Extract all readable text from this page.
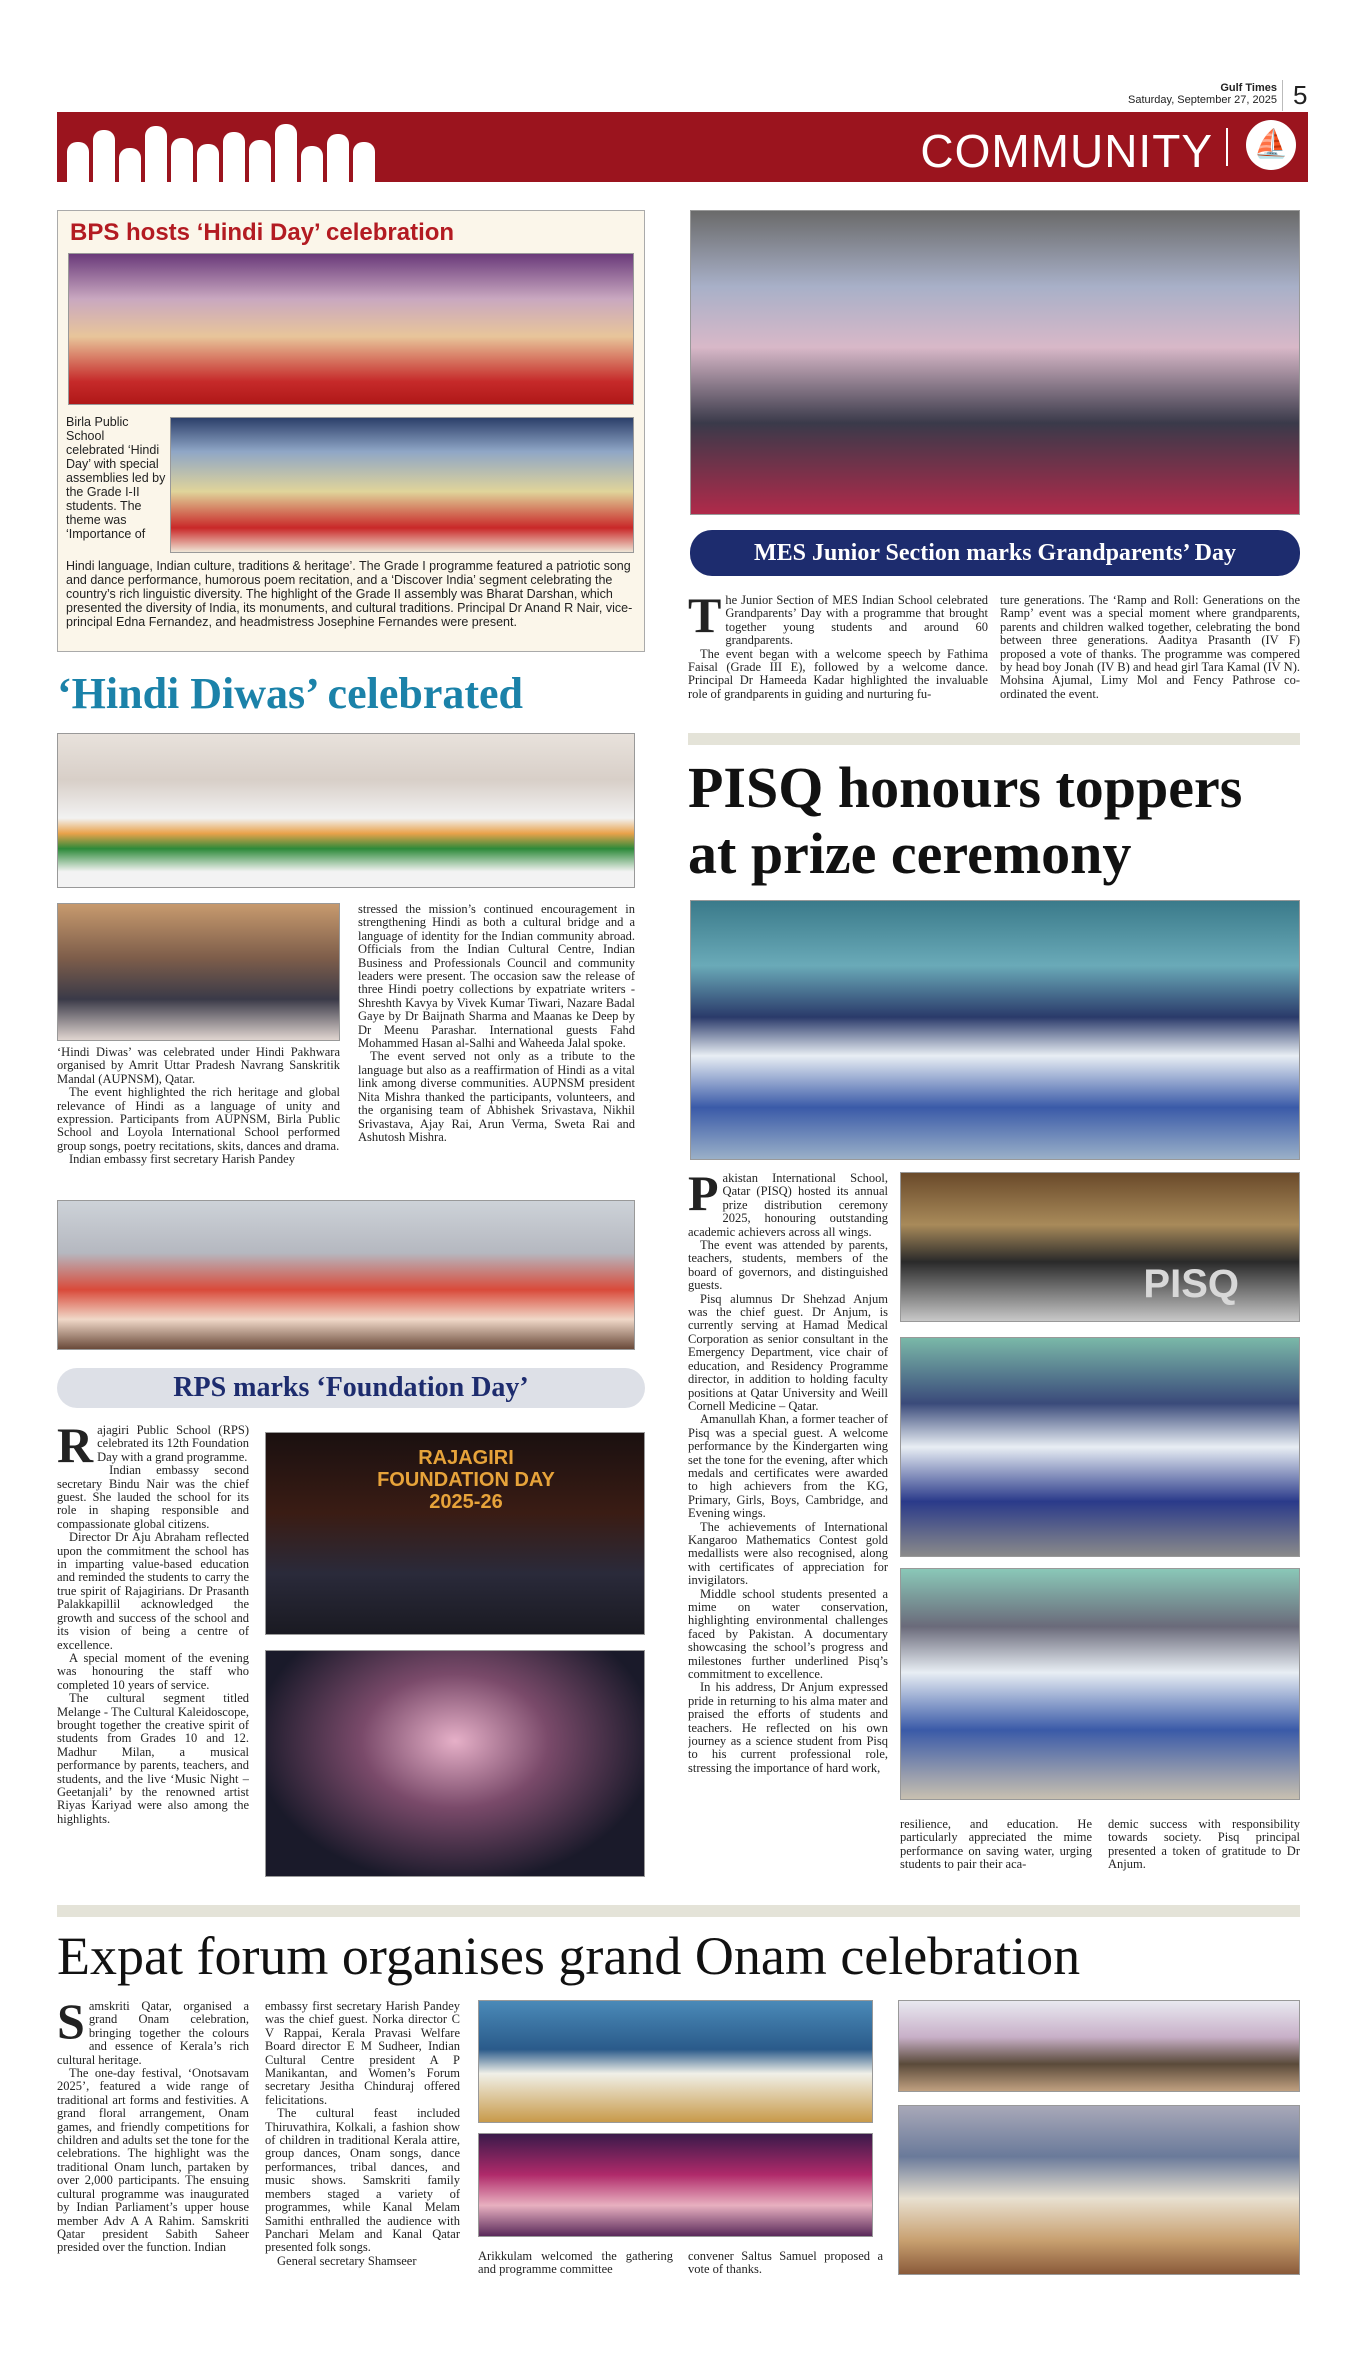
Gulf Times
Saturday, September 27, 2025 5
COMMUNITY ⛵
BPS hosts ‘Hindi Day’ celebration
Birla Public School celebrated ‘Hindi Day’ with special assemblies led by the Grade I-II students. The theme was ‘Importance of
Hindi language, Indian culture, traditions & heritage’. The Grade I programme featured a patriotic song and dance performance, humorous poem recitation, and a ‘Discover India’ segment celebrating the country’s rich linguistic diversity. The highlight of the Grade II assembly was Bharat Darshan, which presented the diversity of India, its monuments, and cultural traditions. Principal Dr Anand R Nair, vice-principal Edna Fernandez, and headmistress Josephine Fernandes were present.
‘Hindi Diwas’ celebrated

‘Hindi Diwas’ was celebrated under Hindi Pakhwara organised by Amrit Uttar Pradesh Navrang Sanskritik Mandal (AUPNSM), Qatar.

The event highlighted the rich heritage and global relevance of Hindi as a language of unity and expression. Participants from AUPNSM, Birla Public School and Loyola International School performed group songs, poetry recitations, skits, dances and drama.

Indian embassy first secretary Harish Pandey

stressed the mission’s continued encouragement in strengthening Hindi as both a cultural bridge and a language of identity for the Indian community abroad. Officials from the Indian Cultural Centre, Indian Business and Professionals Council and community leaders were present. The occasion saw the release of three Hindi poetry collections by expatriate writers - Shreshth Kavya by Vivek Kumar Tiwari, Nazare Badal Gaye by Dr Baijnath Sharma and Maanas ke Deep by Dr Meenu Parashar. International guests Fahd Mohammed Hasan al-Salhi and Waheeda Jalal spoke.

The event served not only as a tribute to the language but also as a reaffirmation of Hindi as a vital link among diverse communities. AUPNSM president Nita Mishra thanked the participants, volunteers, and the organising team of Abhishek Srivastava, Nikhil Srivastava, Ajay Rai, Arun Verma, Sweta Rai and Ashutosh Mishra.

RPS marks ‘Foundation Day’

Rajagiri Public School (RPS) celebrated its 12th Foundation Day with a grand programme.

Indian embassy second secretary Bindu Nair was the chief guest. She lauded the school for its role in shaping responsible and compassionate global citizens.

Director Dr Aju Abraham reflected upon the commitment the school has in imparting value-based education and reminded the students to carry the true spirit of Rajagirians. Dr Prasanth Palakkapillil acknowledged the growth and success of the school and its vision of being a centre of excellence.

A special moment of the evening was honouring the staff who completed 10 years of service.

The cultural segment titled Melange - The Cultural Kaleidoscope, brought together the creative spirit of students from Grades 10 and 12. Madhur Milan, a musical performance by parents, teachers, and students, and the live ‘Music Night – Geetanjali’ by the renowned artist Riyas Kariyad were also among the highlights.

RAJAGIRI FOUNDATION DAY 2025-26
MES Junior Section marks Grandparents’ Day

The Junior Section of MES Indian School celebrated Grandparents’ Day with a programme that brought together young students and around 60 grandparents.

The event began with a welcome speech by Fathima Faisal (Grade III E), followed by a welcome dance. Principal Dr Hameeda Kadar highlighted the invaluable role of grandparents in guiding and nurturing fu-

ture generations. The ‘Ramp and Roll: Generations on the Ramp’ event was a special moment where grandparents, parents and children walked together, celebrating the bond between three generations. Aaditya Prasanth (IV F) proposed a vote of thanks. The programme was compered by head boy Jonah (IV B) and head girl Tara Kamal (IV N). Mohsina Ajumal, Limy Mol and Fency Pathrose co-ordinated the event.

PISQ honours toppers
at prize ceremony

Pakistan International School, Qatar (PISQ) hosted its annual prize distribution ceremony 2025, honouring outstanding academic achievers across all wings.

The event was attended by parents, teachers, students, members of the board of governors, and distinguished guests.

Pisq alumnus Dr Shehzad Anjum was the chief guest. Dr Anjum, is currently serving at Hamad Medical Corporation as senior consultant in the Emergency Department, vice chair of education, and Residency Programme director, in addition to holding faculty positions at Qatar University and Weill Cornell Medicine – Qatar.

Amanullah Khan, a former teacher of Pisq was a special guest. A welcome performance by the Kindergarten wing set the tone for the evening, after which medals and certificates were awarded to high achievers from the KG, Primary, Girls, Boys, Cambridge, and Evening wings.

The achievements of International Kangaroo Mathematics Contest gold medallists were also recognised, along with certificates of appreciation for invigilators.

Middle school students presented a mime on water conservation, highlighting environmental challenges faced by Pakistan. A documentary showcasing the school’s progress and milestones further underlined Pisq’s commitment to excellence.

In his address, Dr Anjum expressed pride in returning to his alma mater and praised the efforts of students and teachers. He reflected on his own journey as a science student from Pisq to his current professional role, stressing the importance of hard work,

PISQ
resilience, and education. He particularly appreciated the mime performance on saving water, urging students to pair their aca-
demic success with responsibility towards society. Pisq principal presented a token of gratitude to Dr Anjum.
Expat forum organises grand Onam celebration

Samskriti Qatar, organised a grand Onam celebration, bringing together the colours and essence of Kerala’s rich cultural heritage.

The one-day festival, ‘Onotsavam 2025’, featured a wide range of traditional art forms and festivities. A grand floral arrangement, Onam games, and friendly competitions for children and adults set the tone for the celebrations. The highlight was the traditional Onam lunch, partaken by over 2,000 participants. The ensuing cultural programme was inaugurated by Indian Parliament’s upper house member Adv A A Rahim. Samskriti Qatar president Sabith Saheer presided over the function. Indian

embassy first secretary Harish Pandey was the chief guest. Norka director C V Rappai, Kerala Pravasi Welfare Board director E M Sudheer, Indian Cultural Centre president A P Manikantan, and Women’s Forum secretary Jesitha Chinduraj offered felicitations.

The cultural feast included Thiruvathira, Kolkali, a fashion show of children in traditional Kerala attire, group dances, Onam songs, dance performances, tribal dances, and music shows. Samskriti family members staged a variety of programmes, while Kanal Melam Samithi enthralled the audience with Panchari Melam and Kanal Qatar presented folk songs.

General secretary Shamseer	Arikkulam welcomed the gathering and programme committee
convener Saltus Samuel proposed a vote of thanks.
